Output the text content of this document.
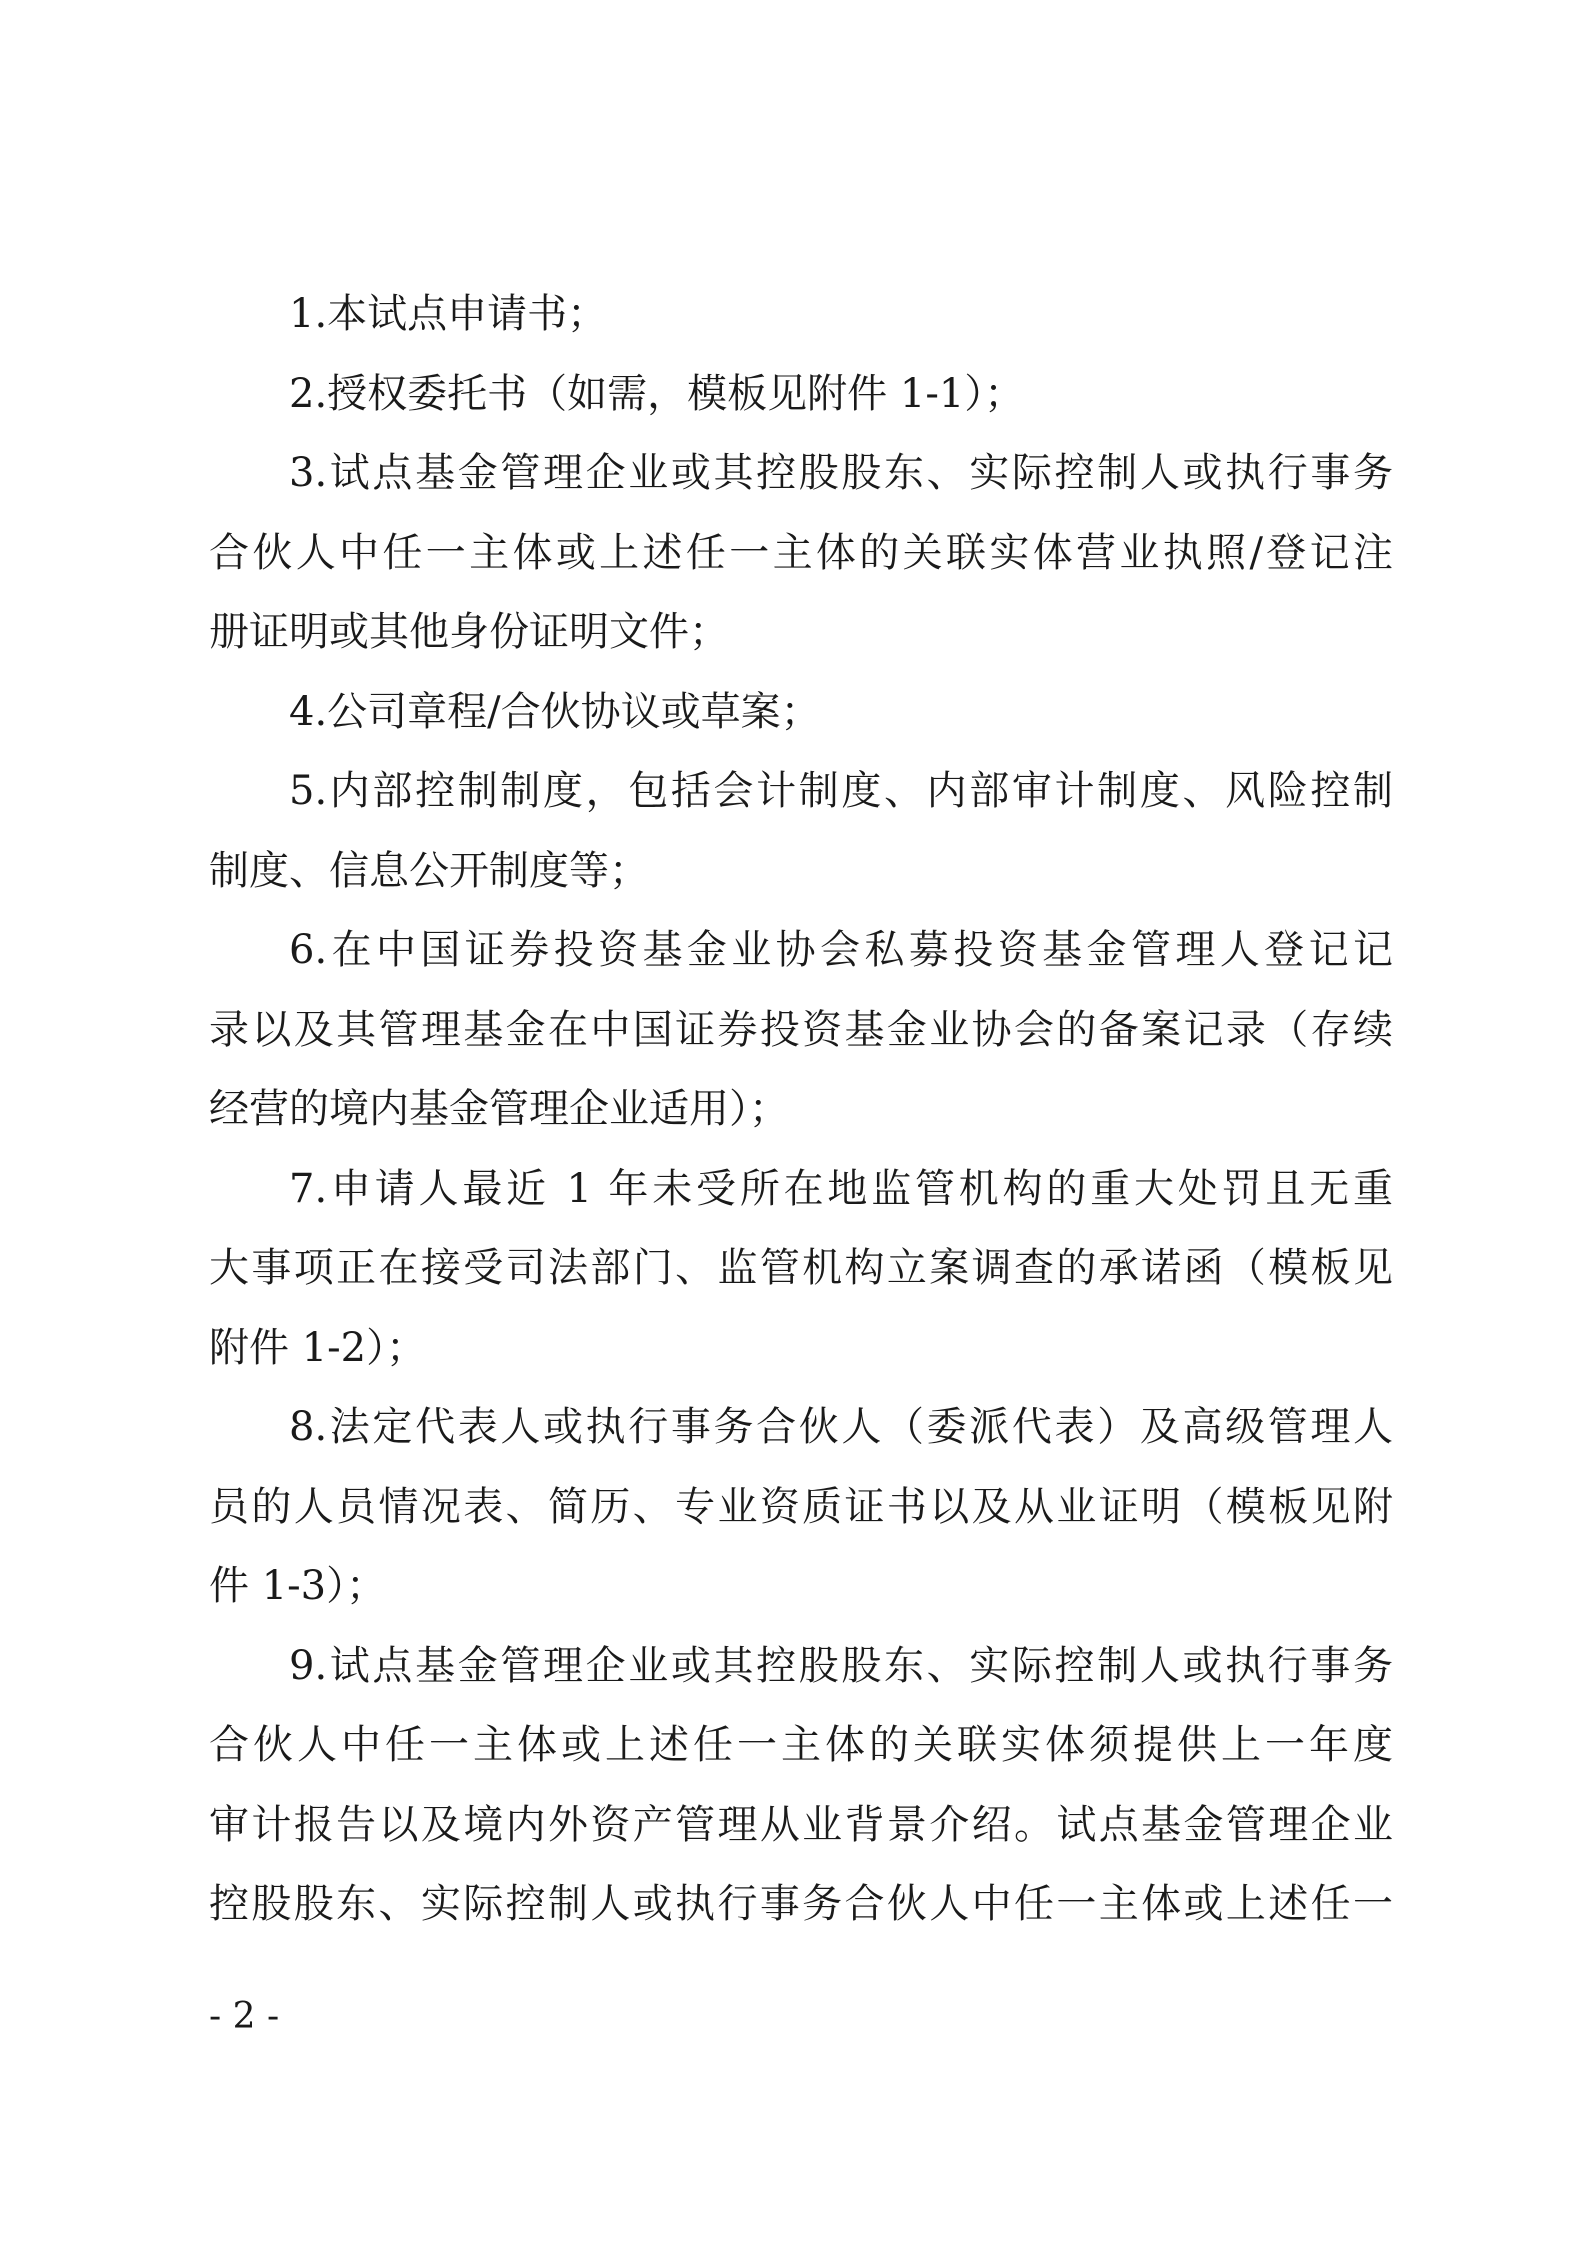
1.本试点申请书；
2.授权委托书（如需，模板见附件 1-1）；
3.试点基金管理企业或其控股股东、实际控制人或执行事务
合伙人中任一主体或上述任一主体的关联实体营业执照/登记注
册证明或其他身份证明文件；
4.公司章程/合伙协议或草案；
5.内部控制制度，包括会计制度、内部审计制度、风险控制
制度、信息公开制度等；
6.在中国证券投资基金业协会私募投资基金管理人登记记
录以及其管理基金在中国证券投资基金业协会的备案记录（存续
经营的境内基金管理企业适用）；
7.申请人最近 1 年未受所在地监管机构的重大处罚且无重
大事项正在接受司法部门、监管机构立案调查的承诺函（模板见
附件 1-2）；
8.法定代表人或执行事务合伙人（委派代表）及高级管理人
员的人员情况表、简历、专业资质证书以及从业证明（模板见附
件 1-3）；
9.试点基金管理企业或其控股股东、实际控制人或执行事务
合伙人中任一主体或上述任一主体的关联实体须提供上一年度
审计报告以及境内外资产管理从业背景介绍。试点基金管理企业
控股股东、实际控制人或执行事务合伙人中任一主体或上述任一
- 2 -
